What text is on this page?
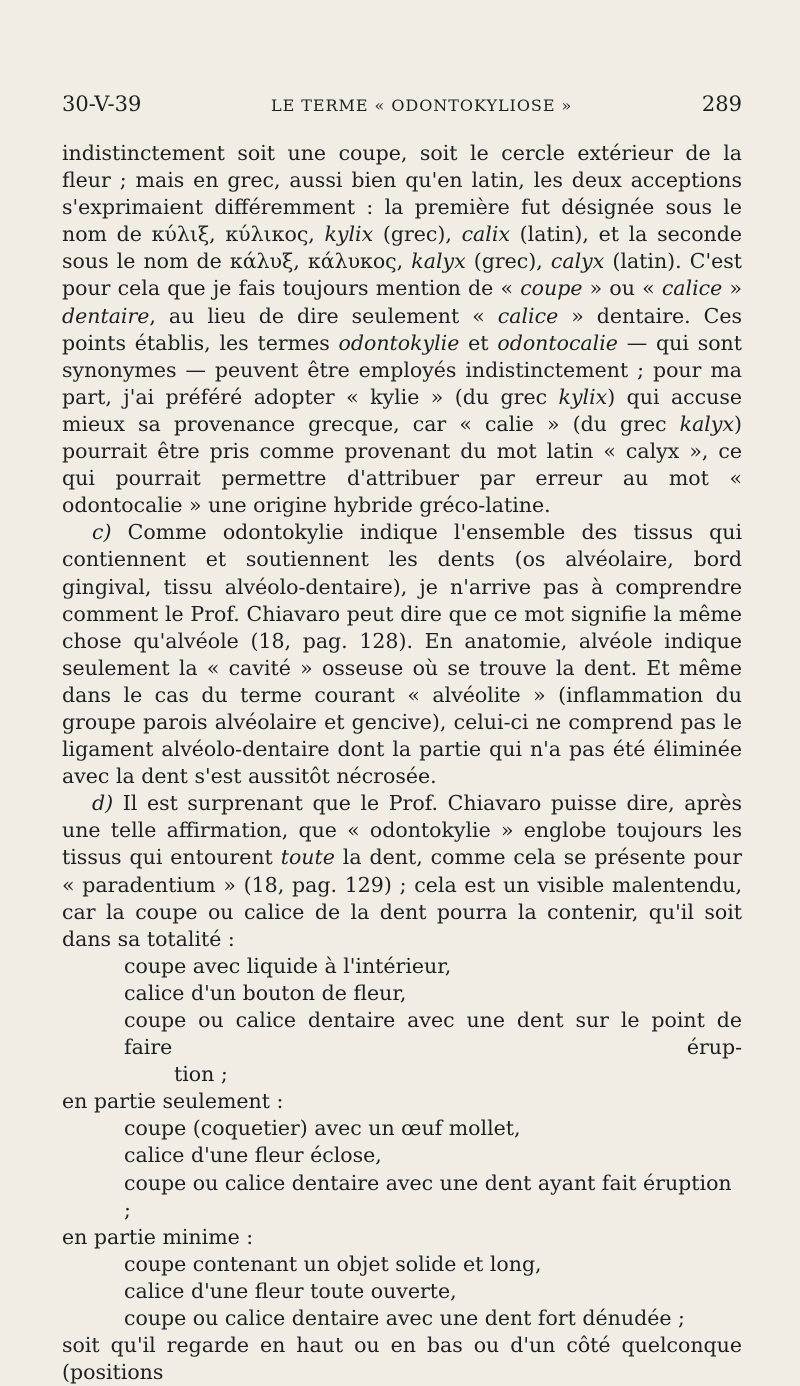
30-V-39	LE TERME « ODONTOKYLIOSE »	289

indistinctement soit une coupe, soit le cercle extérieur de la fleur ; mais en grec, aussi bien qu'en latin, les deux acceptions s'exprimaient différemment : la première fut désignée sous le nom de κύλιξ, κύλικος, kylix (grec), calix (latin), et la seconde sous le nom de κάλυξ, κάλυκος, kalyx (grec), calyx (latin). C'est pour cela que je fais toujours mention de « coupe » ou « calice » dentaire, au lieu de dire seulement « calice » dentaire. Ces points établis, les termes odontokylie et odontocalie — qui sont synonymes — peuvent être employés indistinctement ; pour ma part, j'ai préféré adopter « kylie » (du grec kylix) qui accuse mieux sa provenance grecque, car « calie » (du grec kalyx) pourrait être pris comme provenant du mot latin « calyx », ce qui pourrait permettre d'attribuer par erreur au mot « odontocalie » une origine hybride gréco-latine.

c) Comme odontokylie indique l'ensemble des tissus qui contiennent et soutiennent les dents (os alvéolaire, bord gingival, tissu alvéolo-dentaire), je n'arrive pas à comprendre comment le Prof. Chiavaro peut dire que ce mot signifie la même chose qu'alvéole (18, pag. 128). En anatomie, alvéole indique seulement la « cavité » osseuse où se trouve la dent. Et même dans le cas du terme courant « alvéolite » (inflammation du groupe parois alvéolaire et gencive), celui-ci ne comprend pas le ligament alvéolo-dentaire dont la partie qui n'a pas été éliminée avec la dent s'est aussitôt nécrosée.

d) Il est surprenant que le Prof. Chiavaro puisse dire, après une telle affirmation, que « odontokylie » englobe toujours les tissus qui entourent toute la dent, comme cela se présente pour « paradentium » (18, pag. 129) ; cela est un visible malentendu, car la coupe ou calice de la dent pourra la contenir, qu'il soit dans sa totalité :

coupe avec liquide à l'intérieur,
calice d'un bouton de fleur,
coupe ou calice dentaire avec une dent sur le point de faire érup-
tion ;
en partie seulement :
coupe (coquetier) avec un œuf mollet,
calice d'une fleur éclose,
coupe ou calice dentaire avec une dent ayant fait éruption ;
en partie minime :
coupe contenant un objet solide et long,
calice d'une fleur toute ouverte,
coupe ou calice dentaire avec une dent fort dénudée ;
soit qu'il regarde en haut ou en bas ou d'un côté quelconque (positions
